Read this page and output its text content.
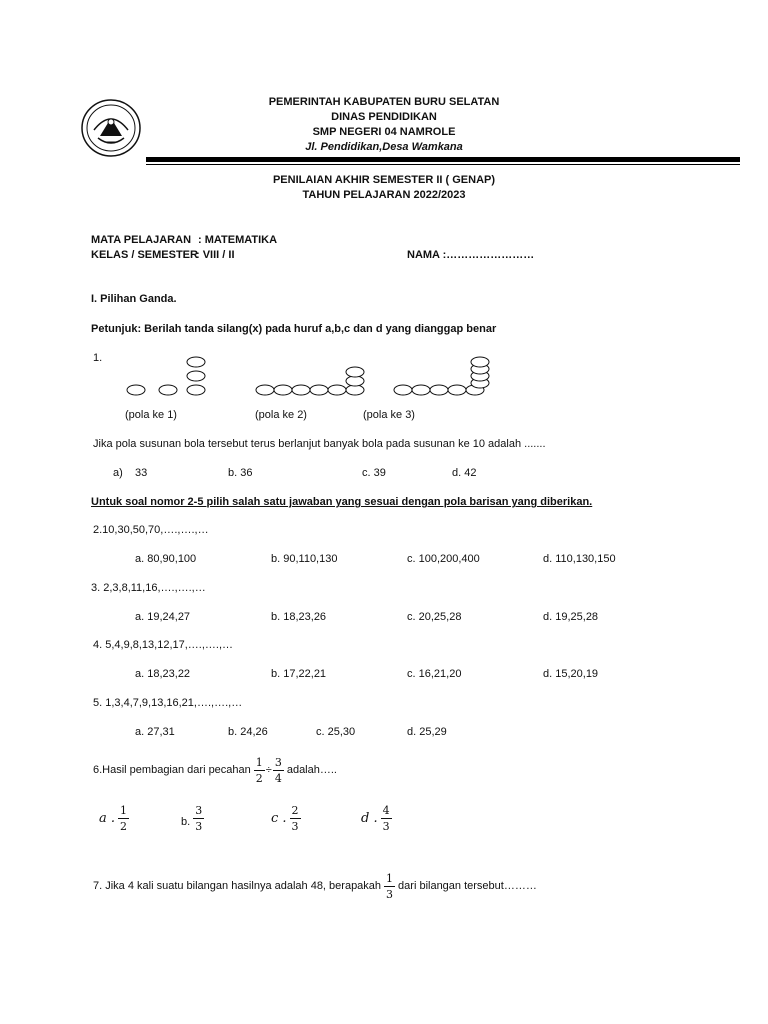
PEMERINTAH KABUPATEN BURU SELATAN
DINAS PENDIDIKAN
SMP NEGERI 04 NAMROLE
Jl. Pendidikan,Desa Wamkana
PENILAIAN AKHIR SEMESTER II ( GENAP)
TAHUN PELAJARAN 2022/2023
MATA PELAJARAN : MATEMATIKA
KELAS / SEMESTER
: VIII / II	NAMA :……………………
I. Pilihan Ganda.
Petunjuk: Berilah tanda silang(x) pada huruf a,b,c dan d yang dianggap benar
1.
(pola ke 1)	(pola ke 2)	(pola ke 3)
Jika pola susunan bola tersebut terus berlanjut banyak bola pada susunan ke 10 adalah .......
a) 33	b. 36	c. 39	d. 42
Untuk soal nomor 2-5 pilih salah satu jawaban yang sesuai dengan pola barisan yang diberikan.
2.10,30,50,70,….,….,…
a. 80,90,100	b. 90,110,130	c. 100,200,400	d. 110,130,150
3. 2,3,8,11,16,….,….,…
a. 19,24,27	b. 18,23,26	c. 20,25,28	d. 19,25,28
4. 5,4,9,8,13,12,17,….,….,…
a. 18,23,22	b. 17,22,21	c. 16,21,20	d. 15,20,19
5. 1,3,4,7,9,13,16,21,….,….,…
a. 27,31	b. 24,26	c. 25,30	d. 25,29
6.Hasil pembagian dari pecahan $\frac{1}{2} \div \frac{3}{4}$ adalah…..
a . $\frac{1}{2}$	b. $\frac{3}{3}$	c . $\frac{2}{3}$	d . $\frac{4}{3}$
7. Jika 4 kali suatu bilangan hasilnya adalah 48, berapakah $\frac{1}{3}$ dari bilangan tersebut………
